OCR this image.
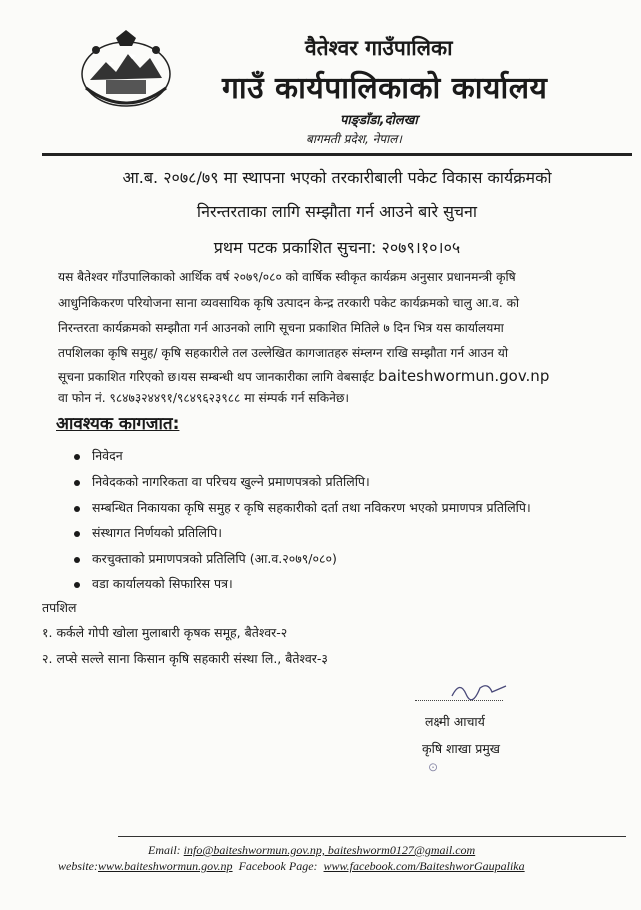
वैतेश्वर गाउँपालिका
गाउँ कार्यपालिकाको कार्यालय
पाङ्डाँडा,दोलखा
बागमती प्रदेश, नेपाल।
आ.ब. २०७८/७९ मा स्थापना भएको तरकारीबाली पकेट विकास कार्यक्रमको
निरन्तरताका लागि सम्झौता गर्न आउने बारे सुचना
प्रथम पटक प्रकाशित सुचना: २०७९।१०।०५
यस बैतेश्वर गाँउपालिकाको आर्थिक वर्ष २०७९/०८० को वार्षिक स्वीकृत कार्यक्रम अनुसार प्रधानमन्त्री कृषि
आधुनिकिकरण परियोजना साना व्यवसायिक कृषि उत्पादन केन्द्र तरकारी पकेट कार्यक्रमको चालु आ.व. को
निरन्तरता कार्यक्रमको सम्झौता गर्न आउनको लागि सूचना प्रकाशित मितिले ७ दिन भित्र यस कार्यालयमा
तपशिलका कृषि समुह/ कृषि सहकारीले तल उल्लेखित कागजातहरु संम्लग्न राखि सम्झौता गर्न आउन यो
सूचना प्रकाशित गरिएको छ।यस सम्बन्धी थप जानकारीका लागि वेबसाईट baiteshwormun.gov.np
वा फोन नं. ९८४७३२४४९१/९८४९६२३९८८ मा संम्पर्क गर्न सकिनेछ।
आवश्यक कागजात:
निवेदन
निवेदकको नागरिकता वा परिचय खुल्ने प्रमाणपत्रको प्रतिलिपि।
सम्बन्धित निकायका कृषि समुह र कृषि सहकारीको दर्ता तथा नविकरण भएको प्रमाणपत्र प्रतिलिपि।
संस्थागत निर्णयको प्रतिलिपि।
करचुक्ताको प्रमाणपत्रको प्रतिलिपि (आ.व.२०७९/०८०)
वडा कार्यालयको सिफारिस पत्र।
तपशिल
१. कर्कले गोपी खोला मुलाबारी कृषक समूह, बैतेश्वर-२
२. लप्से सल्ले साना किसान कृषि सहकारी संस्था लि., बैतेश्वर-३
लक्ष्मी आचार्य
कृषि शाखा प्रमुख
⊙
Email: info@baiteshwormun.gov.np, baiteshworm0127@gmail.com
website:www.baiteshwormun.gov.np Facebook Page: www.facebook.com/BaiteshworGaupalika
